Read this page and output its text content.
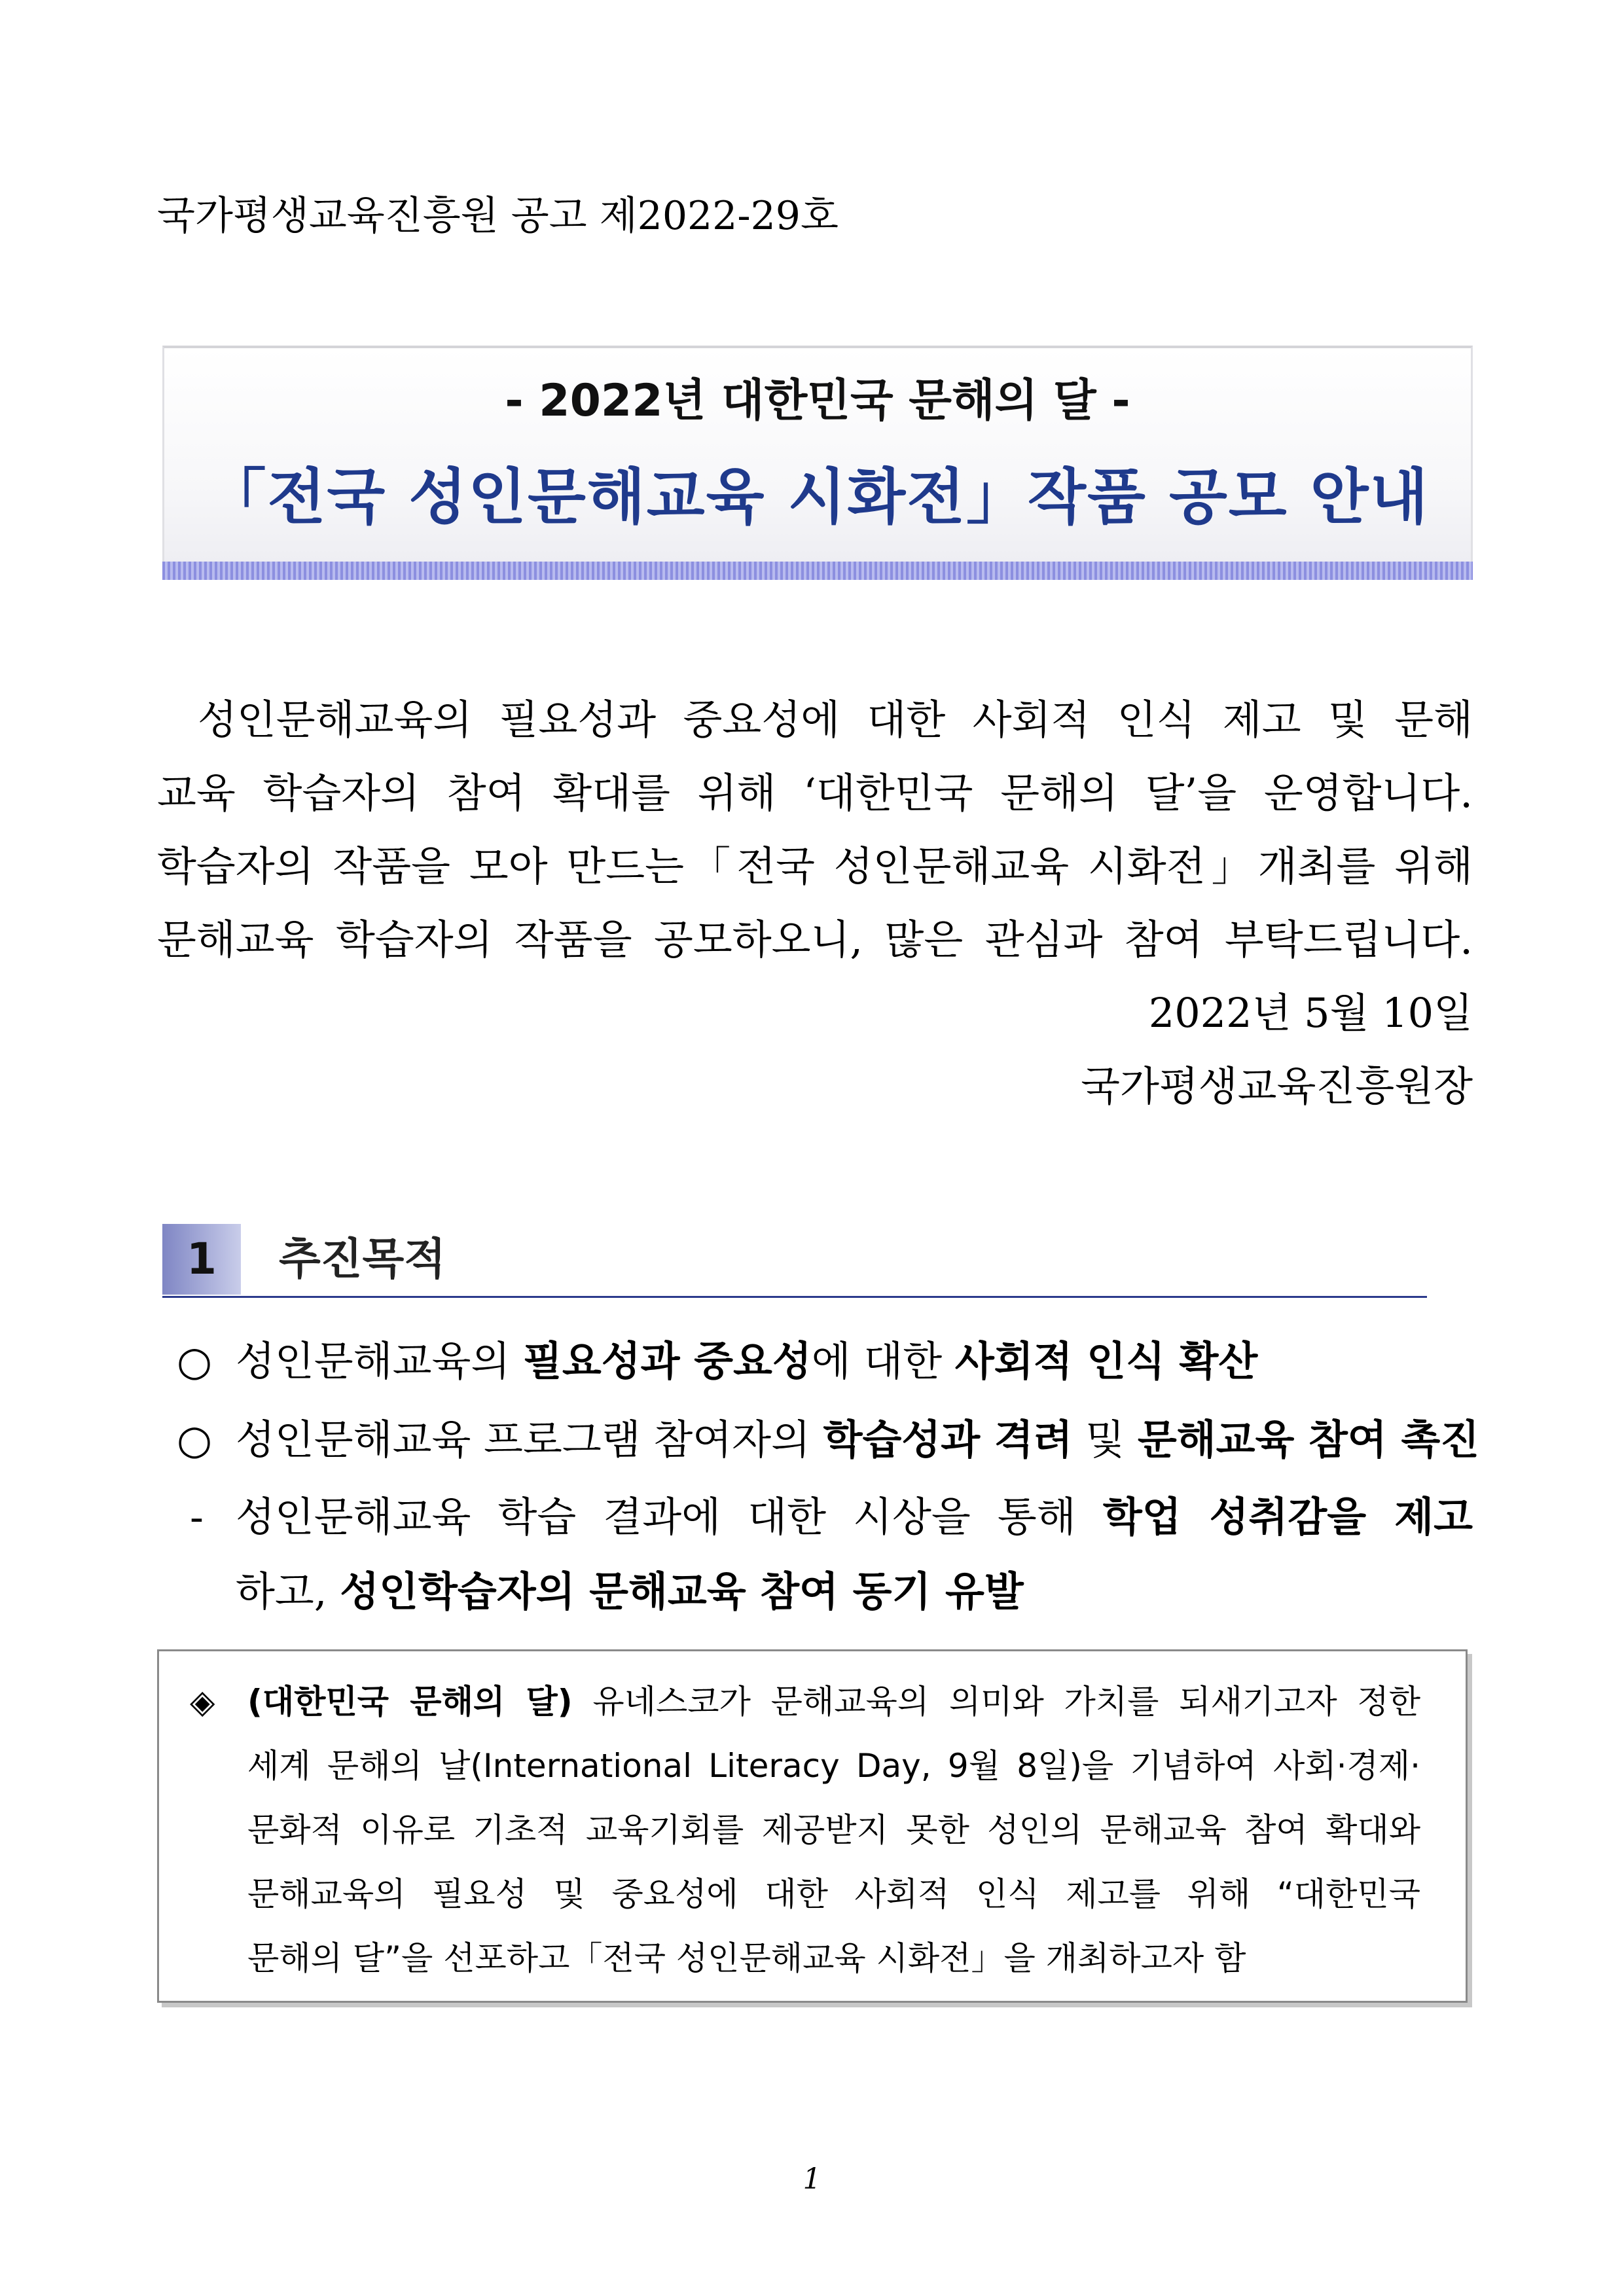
국가평생교육진흥원 공고 제2022-29호
- 2022년 대한민국 문해의 달 -
「전국 성인문해교육 시화전」작품 공모 안내
성인문해교육의 필요성과 중요성에 대한 사회적 인식 제고 및 문해
교육 학습자의 참여 확대를 위해 ‘대한민국 문해의 달’을 운영합니다.
학습자의 작품을 모아 만드는「전국 성인문해교육 시화전」개최를 위해
문해교육 학습자의 작품을 공모하오니, 많은 관심과 참여 부탁드립니다.
2022년 5월 10일
국가평생교육진흥원장
1	추진목적
○ 성인문해교육의 필요성과 중요성에 대한 사회적 인식 확산
○ 성인문해교육 프로그램 참여자의 학습성과 격려 및 문해교육 참여 촉진
- 성인문해교육 학습 결과에 대한 시상을 통해 학업 성취감을 제고
하고, 성인학습자의 문해교육 참여 동기 유발
◈ (대한민국 문해의 달) 유네스코가 문해교육의 의미와 가치를 되새기고자 정한
세계 문해의 날(International Literacy Day, 9월 8일)을 기념하여 사회·경제·
문화적 이유로 기초적 교육기회를 제공받지 못한 성인의 문해교육 참여 확대와
문해교육의 필요성 및 중요성에 대한 사회적 인식 제고를 위해 “대한민국
문해의 달”을 선포하고「전국 성인문해교육 시화전」을 개최하고자 함
1
